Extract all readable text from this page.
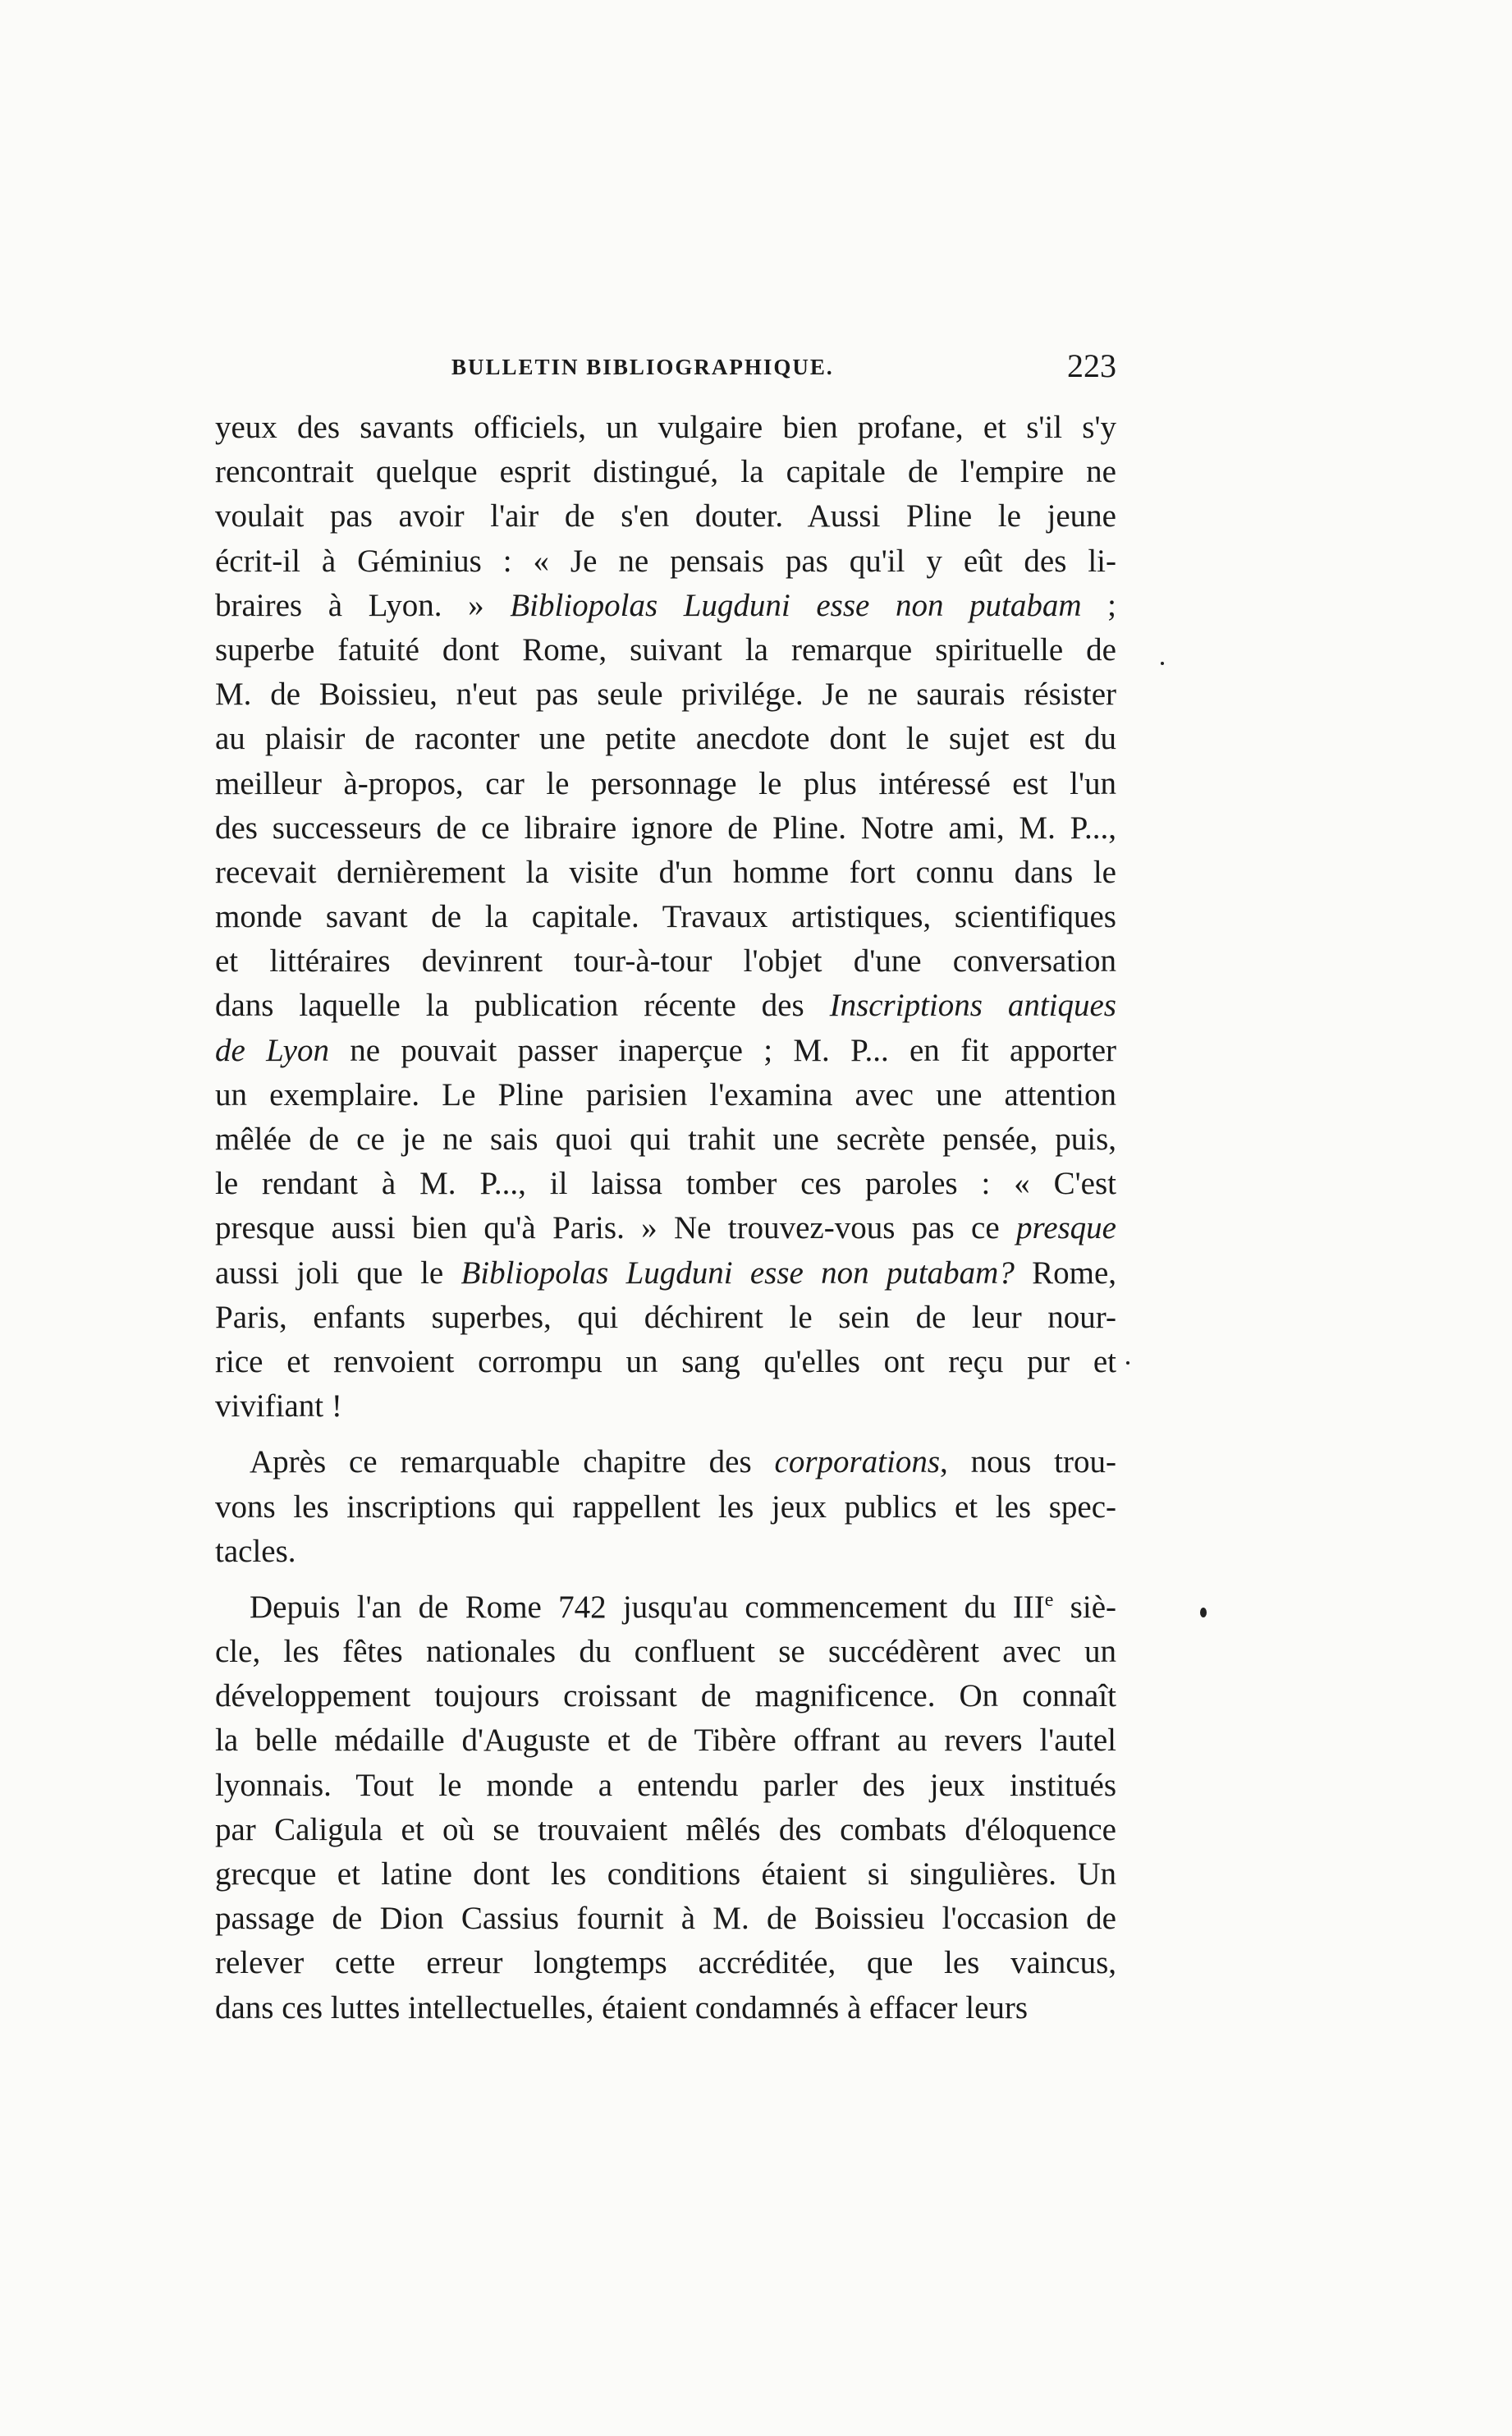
BULLETIN BIBLIOGRAPHIQUE.	223
yeux des savants officiels, un vulgaire bien profane, et s'il s'y
rencontrait quelque esprit distingué, la capitale de l'empire ne
voulait pas avoir l'air de s'en douter. Aussi Pline le jeune
écrit-il à Géminius : « Je ne pensais pas qu'il y eût des li-
braires à Lyon. » Bibliopolas Lugduni esse non putabam ;
superbe fatuité dont Rome, suivant la remarque spirituelle de
M. de Boissieu, n'eut pas seule privilége. Je ne saurais résister
au plaisir de raconter une petite anecdote dont le sujet est du
meilleur à-propos, car le personnage le plus intéressé est l'un
des successeurs de ce libraire ignore de Pline. Notre ami, M. P...,
recevait dernièrement la visite d'un homme fort connu dans le
monde savant de la capitale. Travaux artistiques, scientifiques
et littéraires devinrent tour-à-tour l'objet d'une conversation
dans laquelle la publication récente des Inscriptions antiques
de Lyon ne pouvait passer inaperçue ; M. P... en fit apporter
un exemplaire. Le Pline parisien l'examina avec une attention
mêlée de ce je ne sais quoi qui trahit une secrète pensée, puis,
le rendant à M. P..., il laissa tomber ces paroles : « C'est
presque aussi bien qu'à Paris. » Ne trouvez-vous pas ce presque
aussi joli que le Bibliopolas Lugduni esse non putabam? Rome,
Paris, enfants superbes, qui déchirent le sein de leur nour-
rice et renvoient corrompu un sang qu'elles ont reçu pur et
vivifiant !
Après ce remarquable chapitre des corporations, nous trou-
vons les inscriptions qui rappellent les jeux publics et les spec-
tacles.
Depuis l'an de Rome 742 jusqu'au commencement du IIIe siè-
cle, les fêtes nationales du confluent se succédèrent avec un
développement toujours croissant de magnificence. On connaît
la belle médaille d'Auguste et de Tibère offrant au revers l'autel
lyonnais. Tout le monde a entendu parler des jeux institués
par Caligula et où se trouvaient mêlés des combats d'éloquence
grecque et latine dont les conditions étaient si singulières. Un
passage de Dion Cassius fournit à M. de Boissieu l'occasion de
relever cette erreur longtemps accréditée, que les vaincus,
dans ces luttes intellectuelles, étaient condamnés à effacer leurs
